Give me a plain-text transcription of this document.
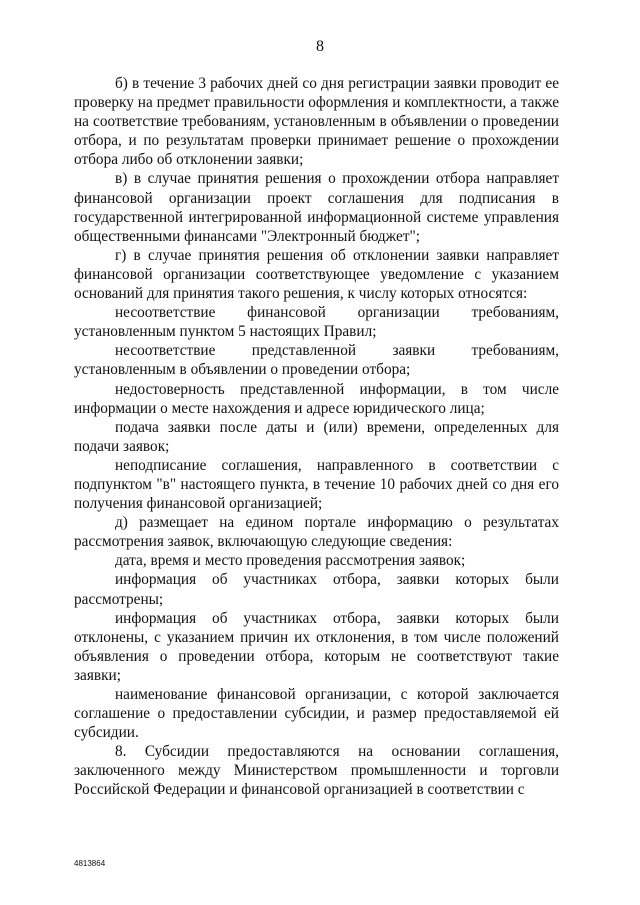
8

б) в течение 3 рабочих дней со дня регистрации заявки проводит ее проверку на предмет правильности оформления и комплектности, а также на соответствие требованиям, установленным в объявлении о проведении отбора, и по результатам проверки принимает решение о прохождении отбора либо об отклонении заявки;

в) в случае принятия решения о прохождении отбора направляет финансовой организации проект соглашения для подписания в государственной интегрированной информационной системе управления общественными финансами "Электронный бюджет";

г) в случае принятия решения об отклонении заявки направляет финансовой организации соответствующее уведомление с указанием оснований для принятия такого решения, к числу которых относятся:

несоответствие финансовой организации требованиям, установленным пунктом 5 настоящих Правил;

несоответствие представленной заявки требованиям, установленным в объявлении о проведении отбора;

недостоверность представленной информации, в том числе информации о месте нахождения и адресе юридического лица;

подача заявки после даты и (или) времени, определенных для подачи заявок;

неподписание соглашения, направленного в соответствии с подпунктом "в" настоящего пункта, в течение 10 рабочих дней со дня его получения финансовой организацией;

д) размещает на едином портале информацию о результатах рассмотрения заявок, включающую следующие сведения:

дата, время и место проведения рассмотрения заявок;

информация об участниках отбора, заявки которых были рассмотрены;

информация об участниках отбора, заявки которых были отклонены, с указанием причин их отклонения, в том числе положений объявления о проведении отбора, которым не соответствуют такие заявки;

наименование финансовой организации, с которой заключается соглашение о предоставлении субсидии, и размер предоставляемой ей субсидии.

8. Субсидии предоставляются на основании соглашения, заключенного между Министерством промышленности и торговли Российской Федерации и финансовой организацией в соответствии с

4813864
